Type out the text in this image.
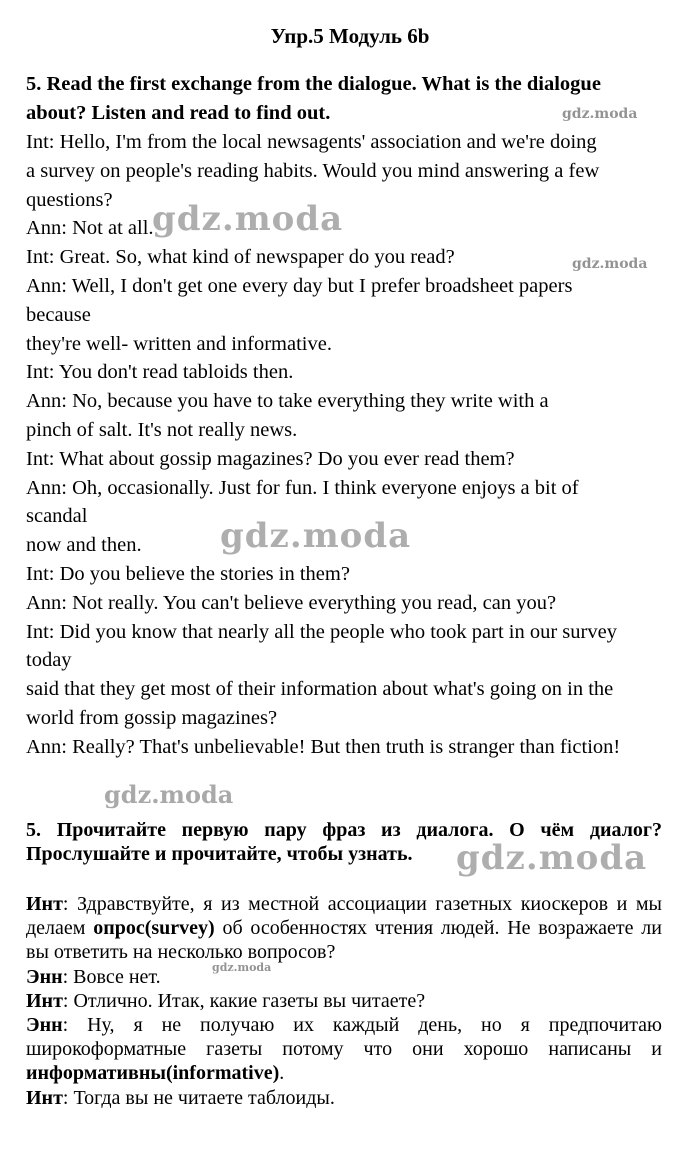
Упр.5 Модуль 6b
5. Read the first exchange from the dialogue. What is the dialogue
about? Listen and read to find out.
Int: Hello, I'm from the local newsagents' association and we're doing
a survey on people's reading habits. Would you mind answering a few
questions?
Ann: Not at all.
Int: Great. So, what kind of newspaper do you read?
Ann: Well, I don't get one every day but I prefer broadsheet papers
because
they're well- written and informative.
Int: You don't read tabloids then.
Ann: No, because you have to take everything they write with a
pinch of salt. It's not really news.
Int: What about gossip magazines? Do you ever read them?
Ann: Oh, occasionally. Just for fun. I think everyone enjoys a bit of
scandal
now and then.
Int: Do you believe the stories in them?
Ann: Not really. You can't believe everything you read, can you?
Int: Did you know that nearly all the people who took part in our survey
today
said that they get most of their information about what's going on in the
world from gossip magazines?
Ann: Really? That's unbelievable! But then truth is stranger than fiction!
5. Прочитайте первую пару фраз из диалога. О чём диалог? Прослушайте и прочитайте, чтобы узнать.

Инт: Здравствуйте, я из местной ассоциации газетных киоскеров и мы делаем опрос(survey) об особенностях чтения людей. Не возражаете ли вы ответить на несколько вопросов?

Энн: Вовсе нет.

Инт: Отлично. Итак, какие газеты вы читаете?

Энн: Ну, я не получаю их каждый день, но я предпочитаю широкоформатные газеты потому что они хорошо написаны и информативны(informative).

Инт: Тогда вы не читаете таблоиды.

gdz.moda
gdz.moda
gdz.moda
gdz.moda
gdz.moda
gdz.moda
gdz.moda
